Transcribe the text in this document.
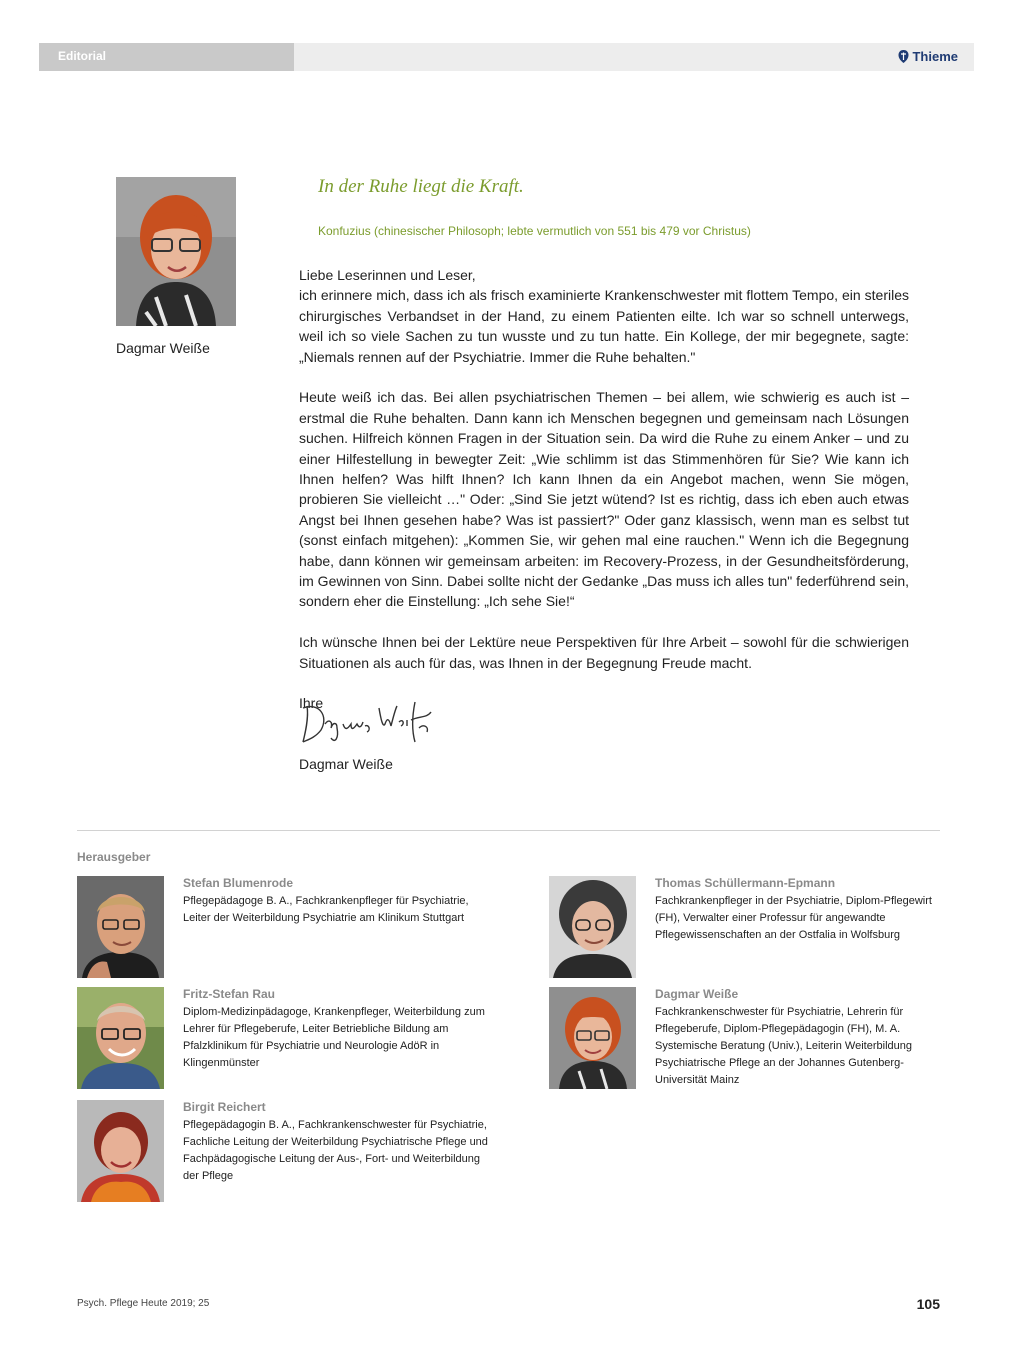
Editorial	Thieme
Dagmar Weiße
In der Ruhe liegt die Kraft.
Konfuzius (chinesischer Philosoph; lebte vermutlich von 551 bis 479 vor Christus)

Liebe Leserinnen und Leser,

ich erinnere mich, dass ich als frisch examinierte Krankenschwester mit flottem Tempo, ein steriles chirurgisches Verbandset in der Hand, zu einem Patienten eilte. Ich war so schnell unterwegs, weil ich so viele Sachen zu tun wusste und zu tun hatte. Ein Kollege, der mir begegnete, sagte: „Niemals rennen auf der Psychiatrie. Immer die Ruhe behalten."

Heute weiß ich das. Bei allen psychiatrischen Themen – bei allem, wie schwierig es auch ist – erstmal die Ruhe behalten. Dann kann ich Menschen begegnen und gemeinsam nach Lösungen suchen. Hilfreich können Fragen in der Situation sein. Da wird die Ruhe zu einem Anker – und zu einer Hilfestellung in bewegter Zeit: „Wie schlimm ist das Stimmenhören für Sie? Wie kann ich Ihnen helfen? Was hilft Ihnen? Ich kann Ihnen da ein Angebot machen, wenn Sie mögen, probieren Sie vielleicht …" Oder: „Sind Sie jetzt wütend? Ist es richtig, dass ich eben auch etwas Angst bei Ihnen gesehen habe? Was ist passiert?" Oder ganz klassisch, wenn man es selbst tut (sonst einfach mitgehen): „Kommen Sie, wir gehen mal eine rauchen." Wenn ich die Begegnung habe, dann können wir gemeinsam arbeiten: im Recovery-Prozess, in der Gesundheitsförderung, im Gewinnen von Sinn. Dabei sollte nicht der Gedanke „Das muss ich alles tun" federführend sein, sondern eher die Einstellung: „Ich sehe Sie!“

Ich wünsche Ihnen bei der Lektüre neue Perspektiven für Ihre Arbeit – sowohl für die schwierigen Situationen als auch für das, was Ihnen in der Begegnung Freude macht.

Ihre

Dagmar Weiße
Herausgeber
Stefan Blumenrode
Pflegepädagoge B. A., Fachkrankenpfleger für Psychiatrie, Leiter der Weiterbildung Psychiatrie am Klinikum Stuttgart
Fritz-Stefan Rau
Diplom-Medizinpädagoge, Krankenpfleger, Weiterbildung zum Lehrer für Pflegeberufe, Leiter Betriebliche Bildung am Pfalzklinikum für Psychiatrie und Neurologie AdöR in Klingenmünster
Birgit Reichert
Pflegepädagogin B. A., Fachkrankenschwester für Psychiatrie, Fachliche Leitung der Weiterbildung Psychiatrische Pflege und Fachpädagogische Leitung der Aus-, Fort- und Weiterbildung der Pflege
Thomas Schüllermann-Epmann
Fachkrankenpfleger in der Psychiatrie, Diplom-Pflegewirt (FH), Verwalter einer Professur für angewandte Pflegewissenschaften an der Ostfalia in Wolfsburg
Dagmar Weiße
Fachkrankenschwester für Psychiatrie, Lehrerin für Pflegeberufe, Diplom-Pflegepädagogin (FH), M. A. Systemische Beratung (Univ.), Leiterin Weiterbildung Psychiatrische Pflege an der Johannes Gutenberg-Universität Mainz
Psych. Pflege Heute 2019; 25	105
